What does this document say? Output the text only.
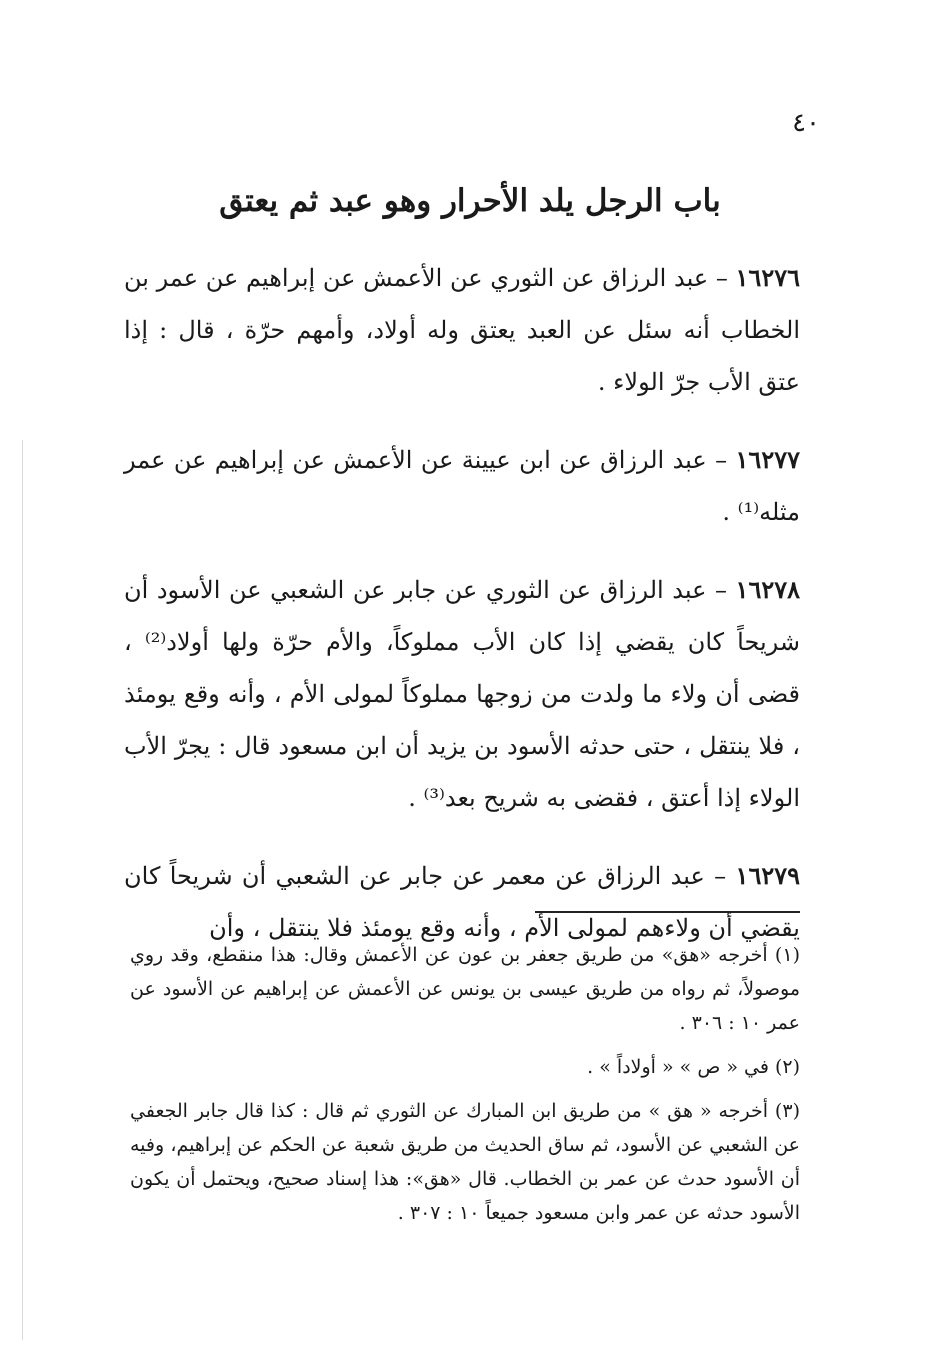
٤٠
باب الرجل يلد الأحرار وهو عبد ثم يعتق

١٦٢٧٦ – عبد الرزاق عن الثوري عن الأعمش عن إبراهيم عن عمر بن الخطاب أنه سئل عن العبد يعتق وله أولاد، وأمهم حرّة ، قال : إذا عتق الأب جرّ الولاء .

١٦٢٧٧ – عبد الرزاق عن ابن عيينة عن الأعمش عن إبراهيم عن عمر مثله⁽¹⁾ .

١٦٢٧٨ – عبد الرزاق عن الثوري عن جابر عن الشعبي عن الأسود أن شريحاً كان يقضي إذا كان الأب مملوكاً، والأم حرّة ولها أولاد⁽²⁾ ، قضى أن ولاء ما ولدت من زوجها مملوكاً لمولى الأم ، وأنه وقع يومئذ ، فلا ينتقل ، حتى حدثه الأسود بن يزيد أن ابن مسعود قال : يجرّ الأب الولاء إذا أعتق ، فقضى به شريح بعد⁽³⁾ .

١٦٢٧٩ – عبد الرزاق عن معمر عن جابر عن الشعبي أن شريحاً كان يقضي أن ولاءهم لمولى الأم ، وأنه وقع يومئذ فلا ينتقل ، وأن

(١) أخرجه «هق» من طريق جعفر بن عون عن الأعمش وقال: هذا منقطع، وقد روي موصولاً، ثم رواه من طريق عيسى بن يونس عن الأعمش عن إبراهيم عن الأسود عن عمر ١٠ : ٣٠٦ .

(٢) في « ص » « أولاداً » .

(٣) أخرجه « هق » من طريق ابن المبارك عن الثوري ثم قال : كذا قال جابر الجعفي عن الشعبي عن الأسود، ثم ساق الحديث من طريق شعبة عن الحكم عن إبراهيم، وفيه أن الأسود حدث عن عمر بن الخطاب. قال «هق»: هذا إسناد صحيح، ويحتمل أن يكون الأسود حدثه عن عمر وابن مسعود جميعاً ١٠ : ٣٠٧ .
